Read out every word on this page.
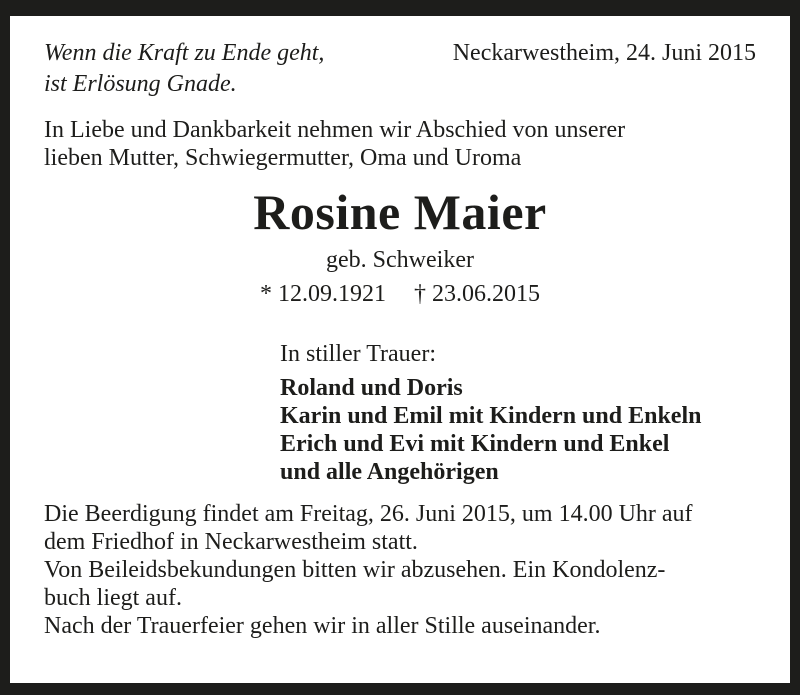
Wenn die Kraft zu Ende geht,
ist Erlösung Gnade.
Neckarwestheim, 24. Juni 2015
In Liebe und Dankbarkeit nehmen wir Abschied von unserer
lieben Mutter, Schwiegermutter, Oma und Uroma
Rosine Maier
geb. Schweiker
* 12.09.1921 † 23.06.2015
In stiller Trauer:
Roland und Doris
Karin und Emil mit Kindern und Enkeln
Erich und Evi mit Kindern und Enkel
und alle Angehörigen
Die Beerdigung findet am Freitag, 26. Juni 2015, um 14.00 Uhr auf
dem Friedhof in Neckarwestheim statt.
Von Beileidsbekundungen bitten wir abzusehen. Ein Kondolenz-
buch liegt auf.
Nach der Trauerfeier gehen wir in aller Stille auseinander.
